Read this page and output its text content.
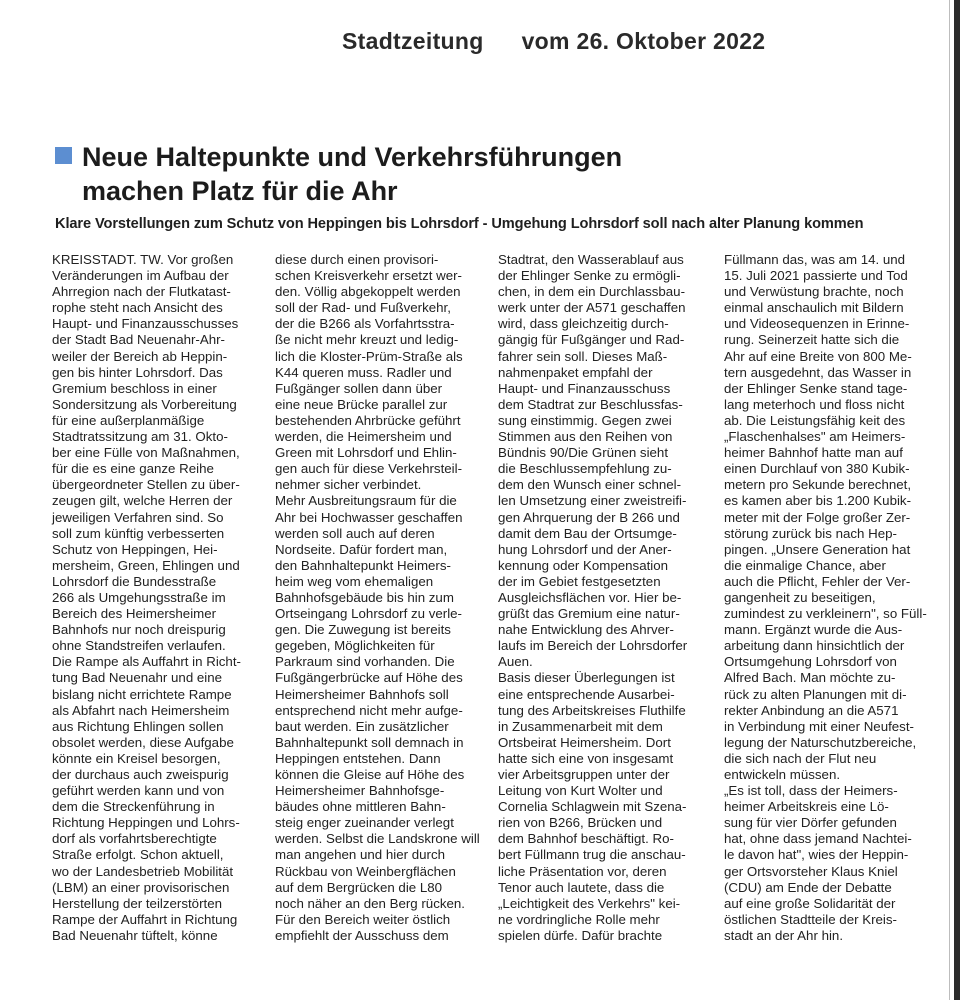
Stadtzeitung vom 26. Oktober 2022
Neue Haltepunkte und Verkehrsführungen
machen Platz für die Ahr
Klare Vorstellungen zum Schutz von Heppingen bis Lohrsdorf - Umgehung Lohrsdorf soll nach alter Planung kommen
KREISSTADT. TW. Vor großen
Veränderungen im Aufbau der
Ahrregion nach der Flutkatast-
rophe steht nach Ansicht des
Haupt- und Finanzausschusses
der Stadt Bad Neuenahr-Ahr-
weiler der Bereich ab Heppin-
gen bis hinter Lohrsdorf. Das
Gremium beschloss in einer
Sondersitzung als Vorbereitung
für eine außerplanmäßige
Stadtratssitzung am 31. Okto-
ber eine Fülle von Maßnahmen,
für die es eine ganze Reihe
übergeordneter Stellen zu über-
zeugen gilt, welche Herren der
jeweiligen Verfahren sind. So
soll zum künftig verbesserten
Schutz von Heppingen, Hei-
mersheim, Green, Ehlingen und
Lohrsdorf die Bundesstraße
266 als Umgehungsstraße im
Bereich des Heimersheimer
Bahnhofs nur noch dreispurig
ohne Standstreifen verlaufen.
Die Rampe als Auffahrt in Richt-
tung Bad Neuenahr und eine
bislang nicht errichtete Rampe
als Abfahrt nach Heimersheim
aus Richtung Ehlingen sollen
obsolet werden, diese Aufgabe
könnte ein Kreisel besorgen,
der durchaus auch zweispurig
geführt werden kann und von
dem die Streckenführung in
Richtung Heppingen und Lohrs-
dorf als vorfahrtsberechtigte
Straße erfolgt. Schon aktuell,
wo der Landesbetrieb Mobilität
(LBM) an einer provisorischen
Herstellung der teilzerstörten
Rampe der Auffahrt in Richtung
Bad Neuenahr tüftelt, könne
diese durch einen provisori-
schen Kreisverkehr ersetzt wer-
den. Völlig abgekoppelt werden
soll der Rad- und Fußverkehr,
der die B266 als Vorfahrtsstra-
ße nicht mehr kreuzt und ledig-
lich die Kloster-Prüm-Straße als
K44 queren muss. Radler und
Fußgänger sollen dann über
eine neue Brücke parallel zur
bestehenden Ahrbrücke geführt
werden, die Heimersheim und
Green mit Lohrsdorf und Ehlin-
gen auch für diese Verkehrsteil-
nehmer sicher verbindet.
Mehr Ausbreitungsraum für die
Ahr bei Hochwasser geschaffen
werden soll auch auf deren
Nordseite. Dafür fordert man,
den Bahnhaltepunkt Heimers-
heim weg vom ehemaligen
Bahnhofsgebäude bis hin zum
Ortseingang Lohrsdorf zu verle-
gen. Die Zuwegung ist bereits
gegeben, Möglichkeiten für
Parkraum sind vorhanden. Die
Fußgängerbrücke auf Höhe des
Heimersheimer Bahnhofs soll
entsprechend nicht mehr aufge-
baut werden. Ein zusätzlicher
Bahnhaltepunkt soll demnach in
Heppingen entstehen. Dann
können die Gleise auf Höhe des
Heimersheimer Bahnhofsge-
bäudes ohne mittleren Bahn-
steig enger zueinander verlegt
werden. Selbst die Landskrone will
man angehen und hier durch
Rückbau von Weinbergflächen
auf dem Bergrücken die L80
noch näher an den Berg rücken.
Für den Bereich weiter östlich
empfiehlt der Ausschuss dem
Stadtrat, den Wasserablauf aus
der Ehlinger Senke zu ermögli-
chen, in dem ein Durchlassbau-
werk unter der A571 geschaffen
wird, dass gleichzeitig durch-
gängig für Fußgänger und Rad-
fahrer sein soll. Dieses Maß-
nahmenpaket empfahl der
Haupt- und Finanzausschuss
dem Stadtrat zur Beschlussfas-
sung einstimmig. Gegen zwei
Stimmen aus den Reihen von
Bündnis 90/Die Grünen sieht
die Beschlussempfehlung zu-
dem den Wunsch einer schnel-
len Umsetzung einer zweistreifi-
gen Ahrquerung der B 266 und
damit dem Bau der Ortsumge-
hung Lohrsdorf und der Aner-
kennung oder Kompensation
der im Gebiet festgesetzten
Ausgleichsflächen vor. Hier be-
grüßt das Gremium eine natur-
nahe Entwicklung des Ahrver-
laufs im Bereich der Lohrsdorfer
Auen.
Basis dieser Überlegungen ist
eine entsprechende Ausarbei-
tung des Arbeitskreises Fluthilfe
in Zusammenarbeit mit dem
Ortsbeirat Heimersheim. Dort
hatte sich eine von insgesamt
vier Arbeitsgruppen unter der
Leitung von Kurt Wolter und
Cornelia Schlagwein mit Szena-
rien von B266, Brücken und
dem Bahnhof beschäftigt. Ro-
bert Füllmann trug die anschau-
liche Präsentation vor, deren
Tenor auch lautete, dass die
„Leichtigkeit des Verkehrs" kei-
ne vordringliche Rolle mehr
spielen dürfe. Dafür brachte
Füllmann das, was am 14. und
15. Juli 2021 passierte und Tod
und Verwüstung brachte, noch
einmal anschaulich mit Bildern
und Videosequenzen in Erinne-
rung. Seinerzeit hatte sich die
Ahr auf eine Breite von 800 Me-
tern ausgedehnt, das Wasser in
der Ehlinger Senke stand tage-
lang meterhoch und floss nicht
ab. Die Leistungsfähig keit des
„Flaschenhalses" am Heimers-
heimer Bahnhof hatte man auf
einen Durchlauf von 380 Kubik-
metern pro Sekunde berechnet,
es kamen aber bis 1.200 Kubik-
meter mit der Folge großer Zer-
störung zurück bis nach Hep-
pingen. „Unsere Generation hat
die einmalige Chance, aber
auch die Pflicht, Fehler der Ver-
gangenheit zu beseitigen,
zumindest zu verkleinern", so Füll-
mann. Ergänzt wurde die Aus-
arbeitung dann hinsichtlich der
Ortsumgehung Lohrsdorf von
Alfred Bach. Man möchte zu-
rück zu alten Planungen mit di-
rekter Anbindung an die A571
in Verbindung mit einer Neufest-
legung der Naturschutzbereiche,
die sich nach der Flut neu
entwickeln müssen.
„Es ist toll, dass der Heimers-
heimer Arbeitskreis eine Lö-
sung für vier Dörfer gefunden
hat, ohne dass jemand Nachtei-
le davon hat", wies der Heppin-
ger Ortsvorsteher Klaus Kniel
(CDU) am Ende der Debatte
auf eine große Solidarität der
östlichen Stadtteile der Kreis-
stadt an der Ahr hin.
